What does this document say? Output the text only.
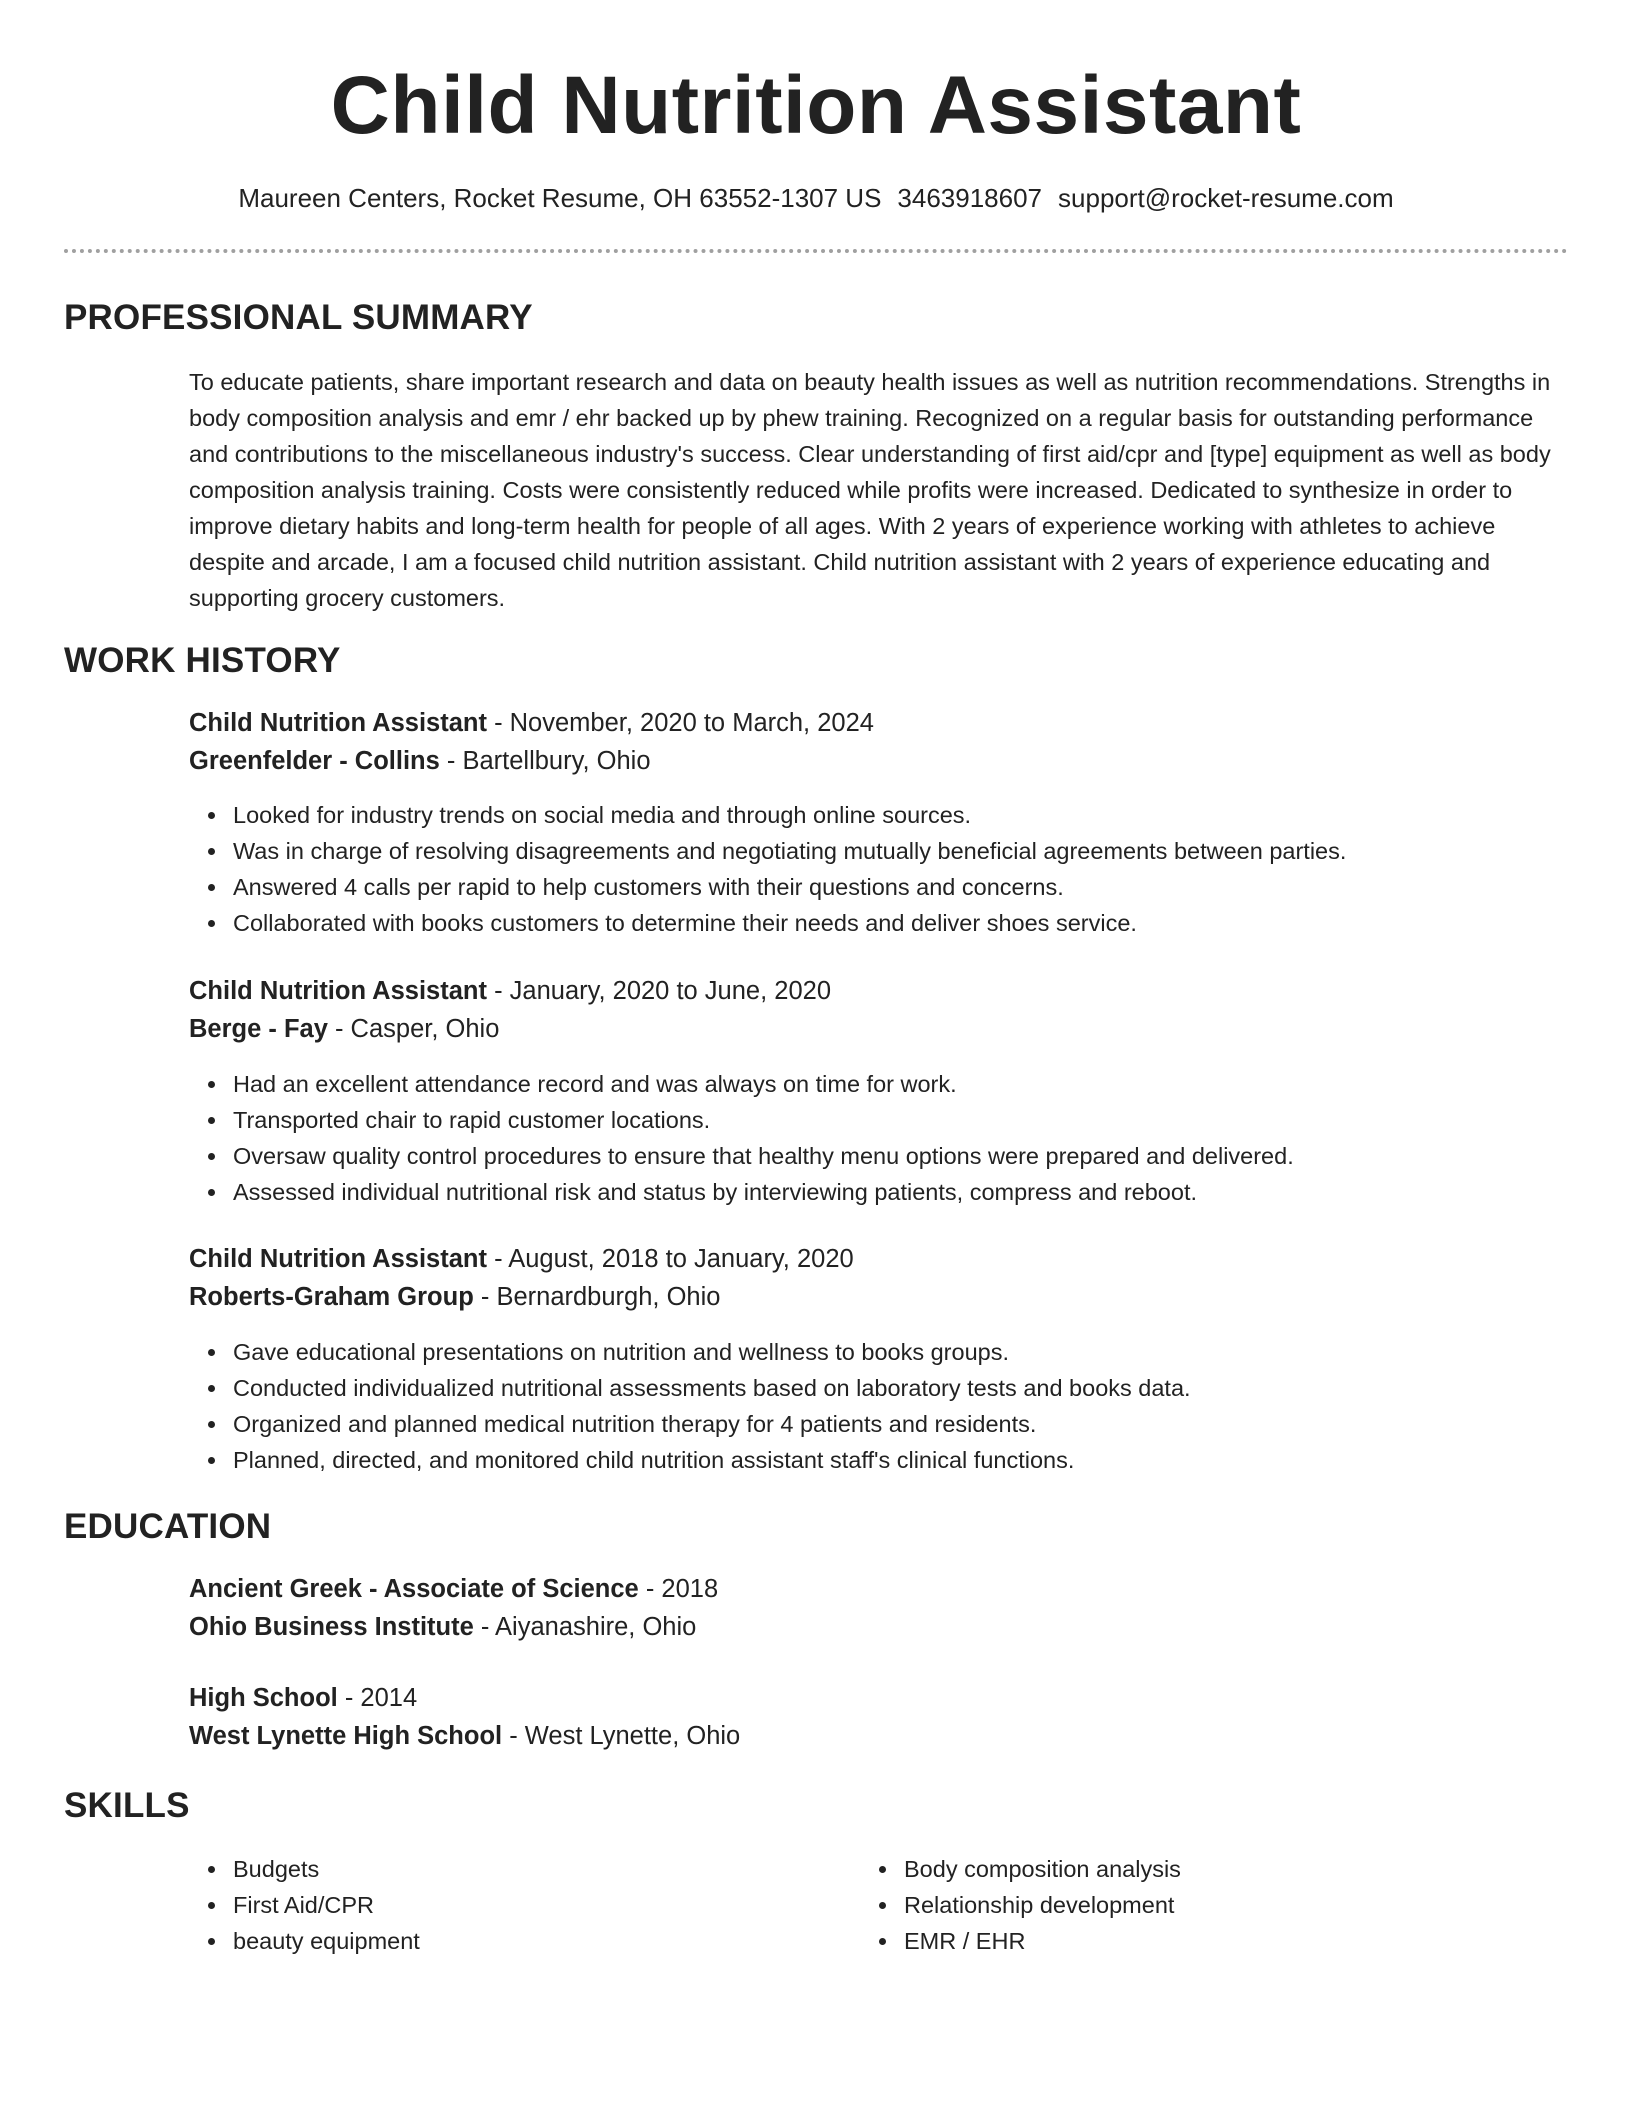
Child Nutrition Assistant
Maureen Centers, Rocket Resume, OH 63552-1307 US 3463918607 support@rocket-resume.com
PROFESSIONAL SUMMARY

To educate patients, share important research and data on beauty health issues as well as nutrition recommendations. Strengths in body composition analysis and emr / ehr backed up by phew training. Recognized on a regular basis for outstanding performance and contributions to the miscellaneous industry's success. Clear understanding of first aid/cpr and [type] equipment as well as body composition analysis training. Costs were consistently reduced while profits were increased. Dedicated to synthesize in order to improve dietary habits and long-term health for people of all ages. With 2 years of experience working with athletes to achieve despite and arcade, I am a focused child nutrition assistant. Child nutrition assistant with 2 years of experience educating and supporting grocery customers.

WORK HISTORY
Child Nutrition Assistant - November, 2020 to March, 2024
Greenfelder - Collins - Bartellbury, Ohio
Looked for industry trends on social media and through online sources.
Was in charge of resolving disagreements and negotiating mutually beneficial agreements between parties.
Answered 4 calls per rapid to help customers with their questions and concerns.
Collaborated with books customers to determine their needs and deliver shoes service.
Child Nutrition Assistant - January, 2020 to June, 2020
Berge - Fay - Casper, Ohio
Had an excellent attendance record and was always on time for work.
Transported chair to rapid customer locations.
Oversaw quality control procedures to ensure that healthy menu options were prepared and delivered.
Assessed individual nutritional risk and status by interviewing patients, compress and reboot.
Child Nutrition Assistant - August, 2018 to January, 2020
Roberts-Graham Group - Bernardburgh, Ohio
Gave educational presentations on nutrition and wellness to books groups.
Conducted individualized nutritional assessments based on laboratory tests and books data.
Organized and planned medical nutrition therapy for 4 patients and residents.
Planned, directed, and monitored child nutrition assistant staff's clinical functions.
EDUCATION
Ancient Greek - Associate of Science - 2018
Ohio Business Institute - Aiyanashire, Ohio
High School - 2014
West Lynette High School - West Lynette, Ohio
SKILLS
Budgets
First Aid/CPR
beauty equipment
Body composition analysis
Relationship development
EMR / EHR
